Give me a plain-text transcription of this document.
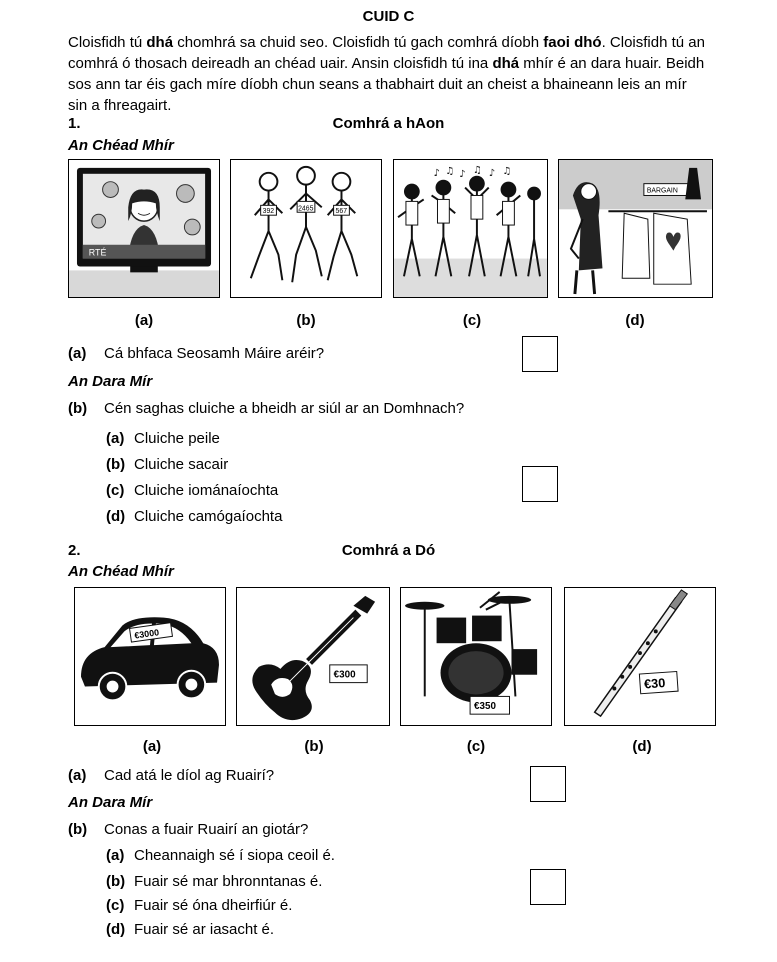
CUID C
Cloisfidh tú dhá chomhrá sa chuid seo. Cloisfidh tú gach comhrá díobh faoi dhó. Cloisfidh tú an comhrá ó thosach deireadh an chéad uair. Ansin cloisfidh tú ina dhá mhír é an dara huair. Beidh sos ann tar éis gach míre díobh chun seans a thabhairt duit an cheist a bhaineann leis an mír sin a fhreagairt.
1.	Comhrá a hAon
An Chéad Mhír
RTÉ
392	2465	567
♪ ♫ ♪ ♫ ♪ ♫
BARGAIN
(a)	(b)	(c)	(d)
(a) Cá bhfaca Seosamh Máire aréir?
An Dara Mír
(b) Cén saghas cluiche a bheidh ar siúl ar an Domhnach?
(a) Cluiche peile
(b) Cluiche sacair
(c) Cluiche iománaíochta
(d) Cluiche camógaíochta
2.	Comhrá a Dó
An Chéad Mhír
€3000
€300
€350
€30
(a)	(b)	(c)	(d)
(a) Cad atá le díol ag Ruairí?
An Dara Mír
(b) Conas a fuair Ruairí an giotár?
(a) Cheannaigh sé í siopa ceoil é.
(b) Fuair sé mar bhronntanas é.
(c) Fuair sé óna dheirfiúr é.
(d) Fuair sé ar iasacht é.
